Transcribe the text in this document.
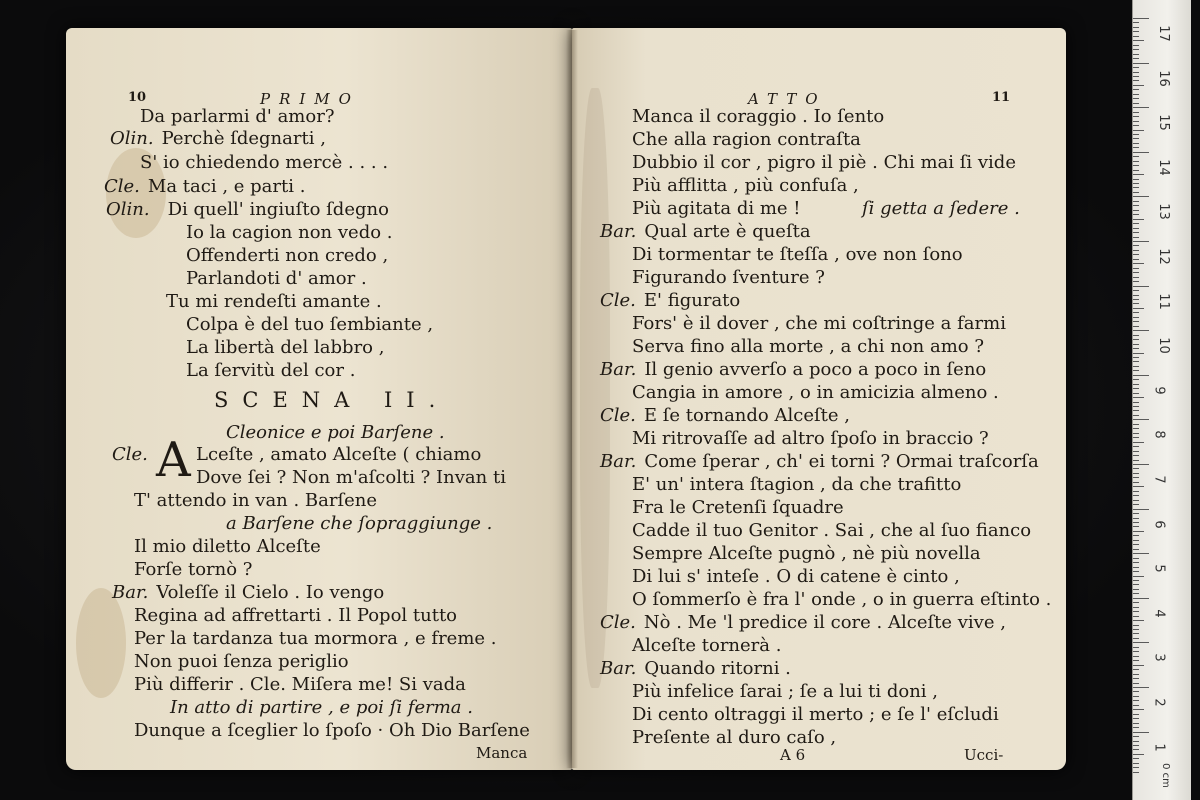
10	PRIMO
Da parlarmi d' amor?
Olin. Perchè ſdegnarti ,
S' io chiedendo mercè . . . .
Cle. Ma taci , e parti .
Olin. Di quell' ingiuſto ſdegno
Io la cagion non vedo .
Offenderti non credo ,
Parlandoti d' amor .
Tu mi rendeſti amante .
Colpa è del tuo ſembiante ,
La libertà del labbro ,
La ſervitù del cor .
SCENA II.
Cleonice e poi Barſene .
Cle. A Lceſte , amato Alceſte ( chiamo
Dove ſei ? Non m'aſcolti ? Invan ti
T' attendo in van . Barſene
a Barſene che ſopraggiunge .
Il mio diletto Alceſte
Forſe tornò ?
Bar. Voleſſe il Cielo . Io vengo
Regina ad affrettarti . Il Popol tutto
Per la tardanza tua mormora , e freme .
Non puoi ſenza periglio
Più differir . Cle. Miſera me! Si vada
In atto di partire , e poi ſi ferma .
Dunque a ſceglier lo ſpoſo · Oh Dio Barſene
Manca
ATTO	11
Manca il coraggio . Io ſento
Che alla ragion contraſta
Dubbio il cor , pigro il piè . Chi mai ſi vide
Più afflitta , più confuſa ,
Più agitata di me !	ſi getta a ſedere .
Bar. Qual arte è queſta
Di tormentar te ſteſſa , ove non ſono
Figurando ſventure ?
Cle. E' figurato
Fors' è il dover , che mi coſtringe a farmi
Serva fino alla morte , a chi non amo ?
Bar. Il genio avverſo a poco a poco in ſeno
Cangia in amore , o in amicizia almeno .
Cle. E ſe tornando Alceſte ,
Mi ritrovaſſe ad altro ſpoſo in braccio ?
Bar. Come ſperar , ch' ei torni ? Ormai traſcorſa
E' un' intera ſtagion , da che trafitto
Fra le Cretenſi ſquadre
Cadde il tuo Genitor . Sai , che al ſuo fianco
Sempre Alceſte pugnò , nè più novella
Di lui s' inteſe . O di catene è cinto ,
O ſommerſo è fra l' onde , o in guerra eſtinto .
Cle. Nò . Me 'l predice il core . Alceſte vive ,
Alceſte tornerà .
Bar. Quando ritorni .
Più infelice ſarai ; ſe a lui ti doni ,
Di cento oltraggi il merto ; e ſe l' eſcludi
Preſente al duro caſo ,
A 6	Ucci-
0 cm
17
16
15
14
13
12
11
10
9
8
7
6
5
4
3
2
1
